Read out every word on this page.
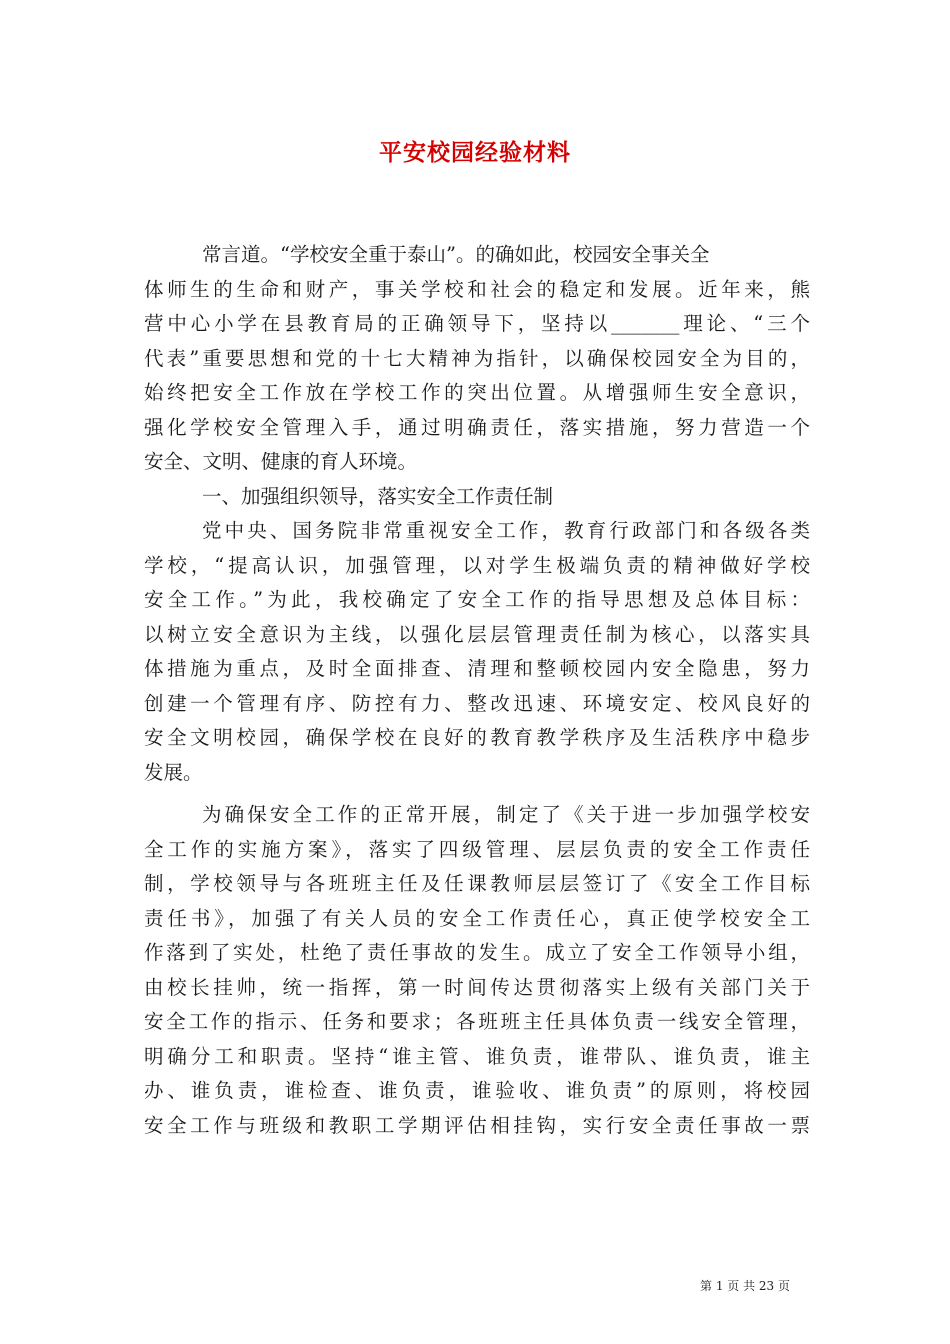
平安校园经验材料
常言道。“学校安全重于泰山”。的确如此，校园安全事关全
体师生的生命和财产，事关学校和社会的稳定和发展。近年来，熊
营中心小学在县教育局的正确领导下，坚持以_______理论、“三个
代表”重要思想和党的十七大精神为指针，以确保校园安全为目的，
始终把安全工作放在学校工作的突出位置。从增强师生安全意识，
强化学校安全管理入手，通过明确责任，落实措施，努力营造一个
安全、文明、健康的育人环境。
一、加强组织领导，落实安全工作责任制
党中央、国务院非常重视安全工作，教育行政部门和各级各类
学校，“提高认识，加强管理，以对学生极端负责的精神做好学校
安全工作。”为此，我校确定了安全工作的指导思想及总体目标：
以树立安全意识为主线，以强化层层管理责任制为核心，以落实具
体措施为重点，及时全面排查、清理和整顿校园内安全隐患，努力
创建一个管理有序、防控有力、整改迅速、环境安定、校风良好的
安全文明校园，确保学校在良好的教育教学秩序及生活秩序中稳步
发展。
为确保安全工作的正常开展，制定了《关于进一步加强学校安
全工作的实施方案》，落实了四级管理、层层负责的安全工作责任
制，学校领导与各班班主任及任课教师层层签订了《安全工作目标
责任书》，加强了有关人员的安全工作责任心，真正使学校安全工
作落到了实处，杜绝了责任事故的发生。成立了安全工作领导小组，
由校长挂帅，统一指挥，第一时间传达贯彻落实上级有关部门关于
安全工作的指示、任务和要求；各班班主任具体负责一线安全管理，
明确分工和职责。坚持“谁主管、谁负责，谁带队、谁负责，谁主
办、谁负责，谁检查、谁负责，谁验收、谁负责”的原则，将校园
安全工作与班级和教职工学期评估相挂钩，实行安全责任事故一票
第 1 页 共 23 页
